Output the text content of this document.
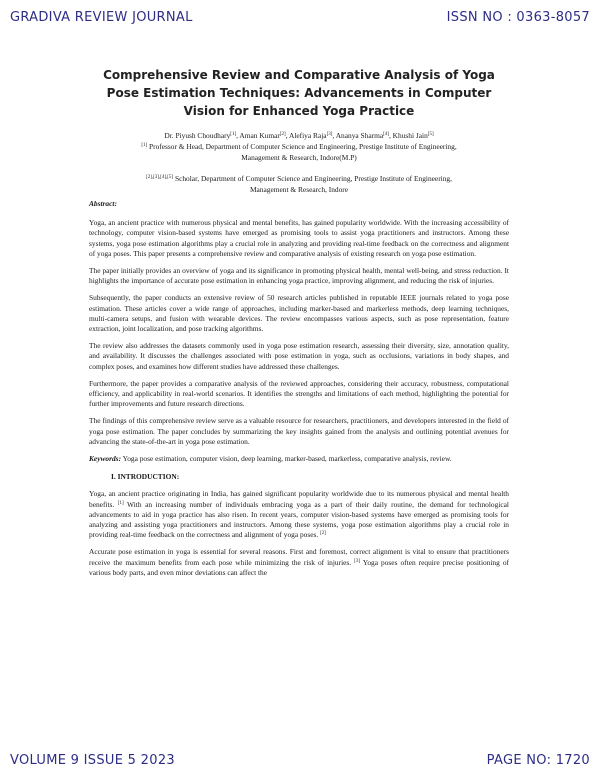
GRADIVA REVIEW JOURNAL	ISSN NO : 0363-8057
Comprehensive Review and Comparative Analysis of Yoga Pose Estimation Techniques: Advancements in Computer Vision for Enhanced Yoga Practice
Dr. Piyush Choudhary[1], Aman Kumar[2], Alefiya Raja[3], Ananya Sharma[4], Khushi Jain[5]
[1] Professor & Head, Department of Computer Science and Engineering, Prestige Institute of Engineering,
Management & Research, Indore(M.P)
[2],[3],[4],[5] Scholar, Department of Computer Science and Engineering, Prestige Institute of Engineering,
Management & Research, Indore
Abstract:

Yoga, an ancient practice with numerous physical and mental benefits, has gained popularity worldwide. With the increasing accessibility of technology, computer vision-based systems have emerged as promising tools to assist yoga practitioners and instructors. Among these systems, yoga pose estimation algorithms play a crucial role in analyzing and providing real-time feedback on the correctness and alignment of yoga poses. This paper presents a comprehensive review and comparative analysis of existing research on yoga pose estimation.

The paper initially provides an overview of yoga and its significance in promoting physical health, mental well-being, and stress reduction. It highlights the importance of accurate pose estimation in enhancing yoga practice, improving alignment, and reducing the risk of injuries.

Subsequently, the paper conducts an extensive review of 50 research articles published in reputable IEEE journals related to yoga pose estimation. These articles cover a wide range of approaches, including marker-based and markerless methods, deep learning techniques, multi-camera setups, and fusion with wearable devices. The review encompasses various aspects, such as pose representation, feature extraction, joint localization, and pose tracking algorithms.

The review also addresses the datasets commonly used in yoga pose estimation research, assessing their diversity, size, annotation quality, and availability. It discusses the challenges associated with pose estimation in yoga, such as occlusions, variations in body shapes, and complex poses, and examines how different studies have addressed these challenges.

Furthermore, the paper provides a comparative analysis of the reviewed approaches, considering their accuracy, robustness, computational efficiency, and applicability in real-world scenarios. It identifies the strengths and limitations of each method, highlighting the potential for further improvements and future research directions.

The findings of this comprehensive review serve as a valuable resource for researchers, practitioners, and developers interested in the field of yoga pose estimation. The paper concludes by summarizing the key insights gained from the analysis and outlining potential avenues for advancing the state-of-the-art in yoga pose estimation.

Keywords: Yoga pose estimation, computer vision, deep learning, marker-based, markerless, comparative analysis, review.

I. INTRODUCTION:

Yoga, an ancient practice originating in India, has gained significant popularity worldwide due to its numerous physical and mental health benefits. [1] With an increasing number of individuals embracing yoga as a part of their daily routine, the demand for technological advancements to aid in yoga practice has also risen. In recent years, computer vision-based systems have emerged as promising tools for analyzing and assisting yoga practitioners and instructors. Among these systems, yoga pose estimation algorithms play a crucial role in providing real-time feedback on the correctness and alignment of yoga poses. [2]

Accurate pose estimation in yoga is essential for several reasons. First and foremost, correct alignment is vital to ensure that practitioners receive the maximum benefits from each pose while minimizing the risk of injuries. [3] Yoga poses often require precise positioning of various body parts, and even minor deviations can affect the

VOLUME 9 ISSUE 5 2023	PAGE NO: 1720
